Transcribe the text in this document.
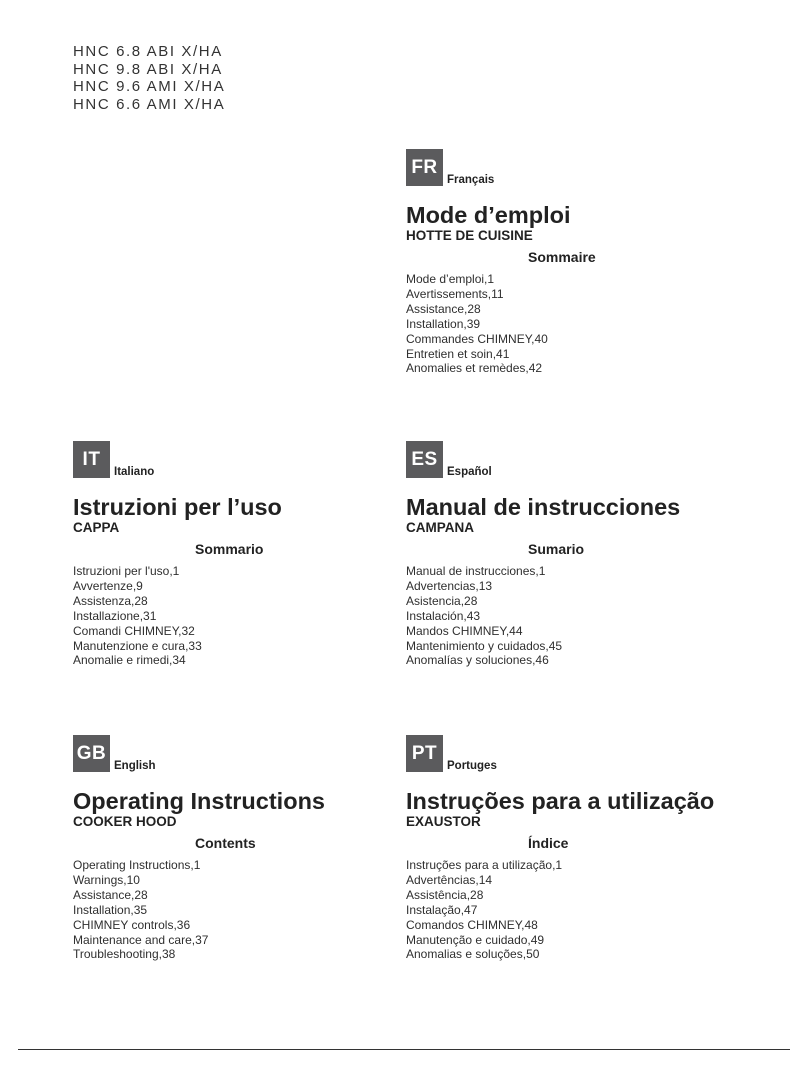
HNC 6.8 ABI X/HA
HNC 9.8 ABI X/HA
HNC 9.6 AMI X/HA
HNC 6.6 AMI X/HA
FR
Français
Mode d’emploi
HOTTE DE CUISINE
Sommaire
Mode d’emploi,1
Avertissements,11
Assistance,28
Installation,39
Commandes CHIMNEY,40
Entretien et soin,41
Anomalies et remèdes,42
IT
Italiano
Istruzioni per l’uso
CAPPA
Sommario
Istruzioni per l'uso,1
Avvertenze,9
Assistenza,28
Installazione,31
Comandi CHIMNEY,32
Manutenzione e cura,33
Anomalie e rimedi,34
ES
Español
Manual de instrucciones
CAMPANA
Sumario
Manual de instrucciones,1
Advertencias,13
Asistencia,28
Instalación,43
Mandos CHIMNEY,44
Mantenimiento y cuidados,45
Anomalías y soluciones,46
GB
English
Operating Instructions
COOKER HOOD
Contents
Operating Instructions,1
Warnings,10
Assistance,28
Installation,35
CHIMNEY controls,36
Maintenance and care,37
Troubleshooting,38
PT
Portuges
Instruções para a utilização
EXAUSTOR
Índice
Instruções para a utilização,1
Advertências,14
Assistência,28
Instalação,47
Comandos CHIMNEY,48
Manutenção e cuidado,49
Anomalias e soluções,50
